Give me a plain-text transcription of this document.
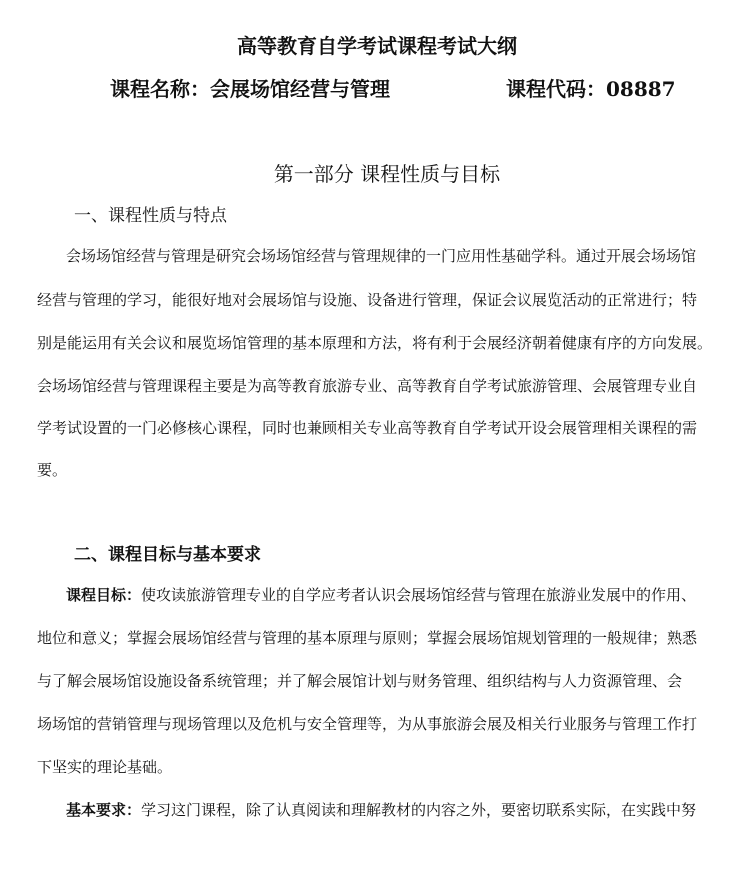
高等教育自学考试课程考试大纲
课程名称：会展场馆经营与管理	课程代码：08887
第一部分 课程性质与目标
一、课程性质与特点
会场场馆经营与管理是研究会场场馆经营与管理规律的一门应用性基础学科。通过开展会场场馆
经营与管理的学习，能很好地对会展场馆与设施、设备进行管理，保证会议展览活动的正常进行；特
别是能运用有关会议和展览场馆管理的基本原理和方法，将有利于会展经济朝着健康有序的方向发展。
会场场馆经营与管理课程主要是为高等教育旅游专业、高等教育自学考试旅游管理、会展管理专业自
学考试设置的一门必修核心课程，同时也兼顾相关专业高等教育自学考试开设会展管理相关课程的需
要。
二、课程目标与基本要求
课程目标：使攻读旅游管理专业的自学应考者认识会展场馆经营与管理在旅游业发展中的作用、
地位和意义；掌握会展场馆经营与管理的基本原理与原则；掌握会展场馆规划管理的一般规律；熟悉
与了解会展场馆设施设备系统管理；并了解会展馆计划与财务管理、组织结构与人力资源管理、会
场场馆的营销管理与现场管理以及危机与安全管理等，为从事旅游会展及相关行业服务与管理工作打
下坚实的理论基础。
基本要求：学习这门课程，除了认真阅读和理解教材的内容之外，要密切联系实际，在实践中努
